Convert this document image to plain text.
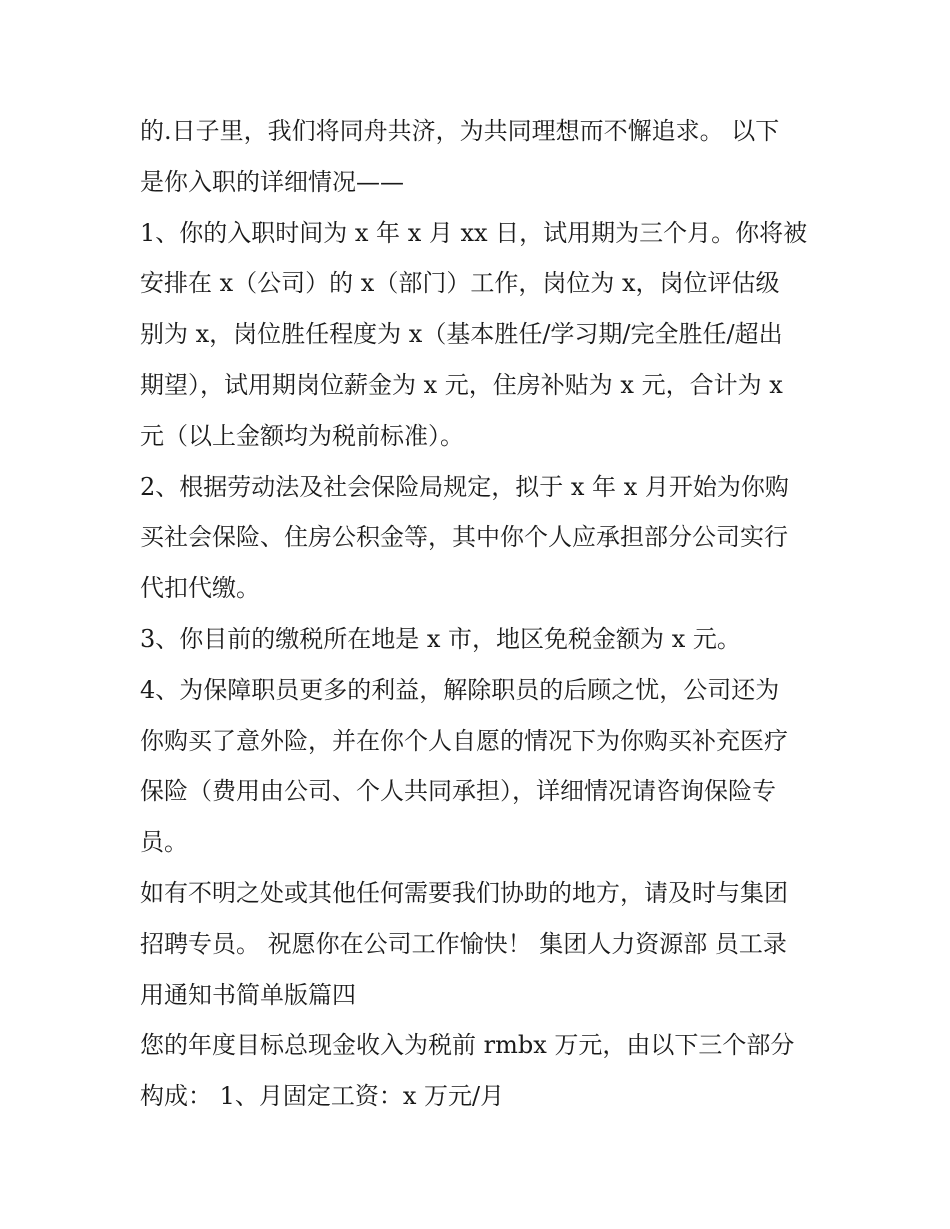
的.日子里，我们将同舟共济，为共同理想而不懈追求。 以下
是你入职的详细情况——
1、你的入职时间为 x 年 x 月 xx 日，试用期为三个月。你将被
安排在 x（公司）的 x（部门）工作，岗位为 x，岗位评估级
别为 x，岗位胜任程度为 x（基本胜任/学习期/完全胜任/超出
期望），试用期岗位薪金为 x 元，住房补贴为 x 元，合计为 x
元（以上金额均为税前标准）。
2、根据劳动法及社会保险局规定，拟于 x 年 x 月开始为你购
买社会保险、住房公积金等，其中你个人应承担部分公司实行
代扣代缴。
3、你目前的缴税所在地是 x 市，地区免税金额为 x 元。
4、为保障职员更多的利益，解除职员的后顾之忧，公司还为
你购买了意外险，并在你个人自愿的情况下为你购买补充医疗
保险（费用由公司、个人共同承担），详细情况请咨询保险专
员。
如有不明之处或其他任何需要我们协助的地方，请及时与集团
招聘专员。 祝愿你在公司工作愉快！ 集团人力资源部 员工录
用通知书简单版篇四
您的年度目标总现金收入为税前 rmbx 万元，由以下三个部分
构成： 1、月固定工资：x 万元/月
